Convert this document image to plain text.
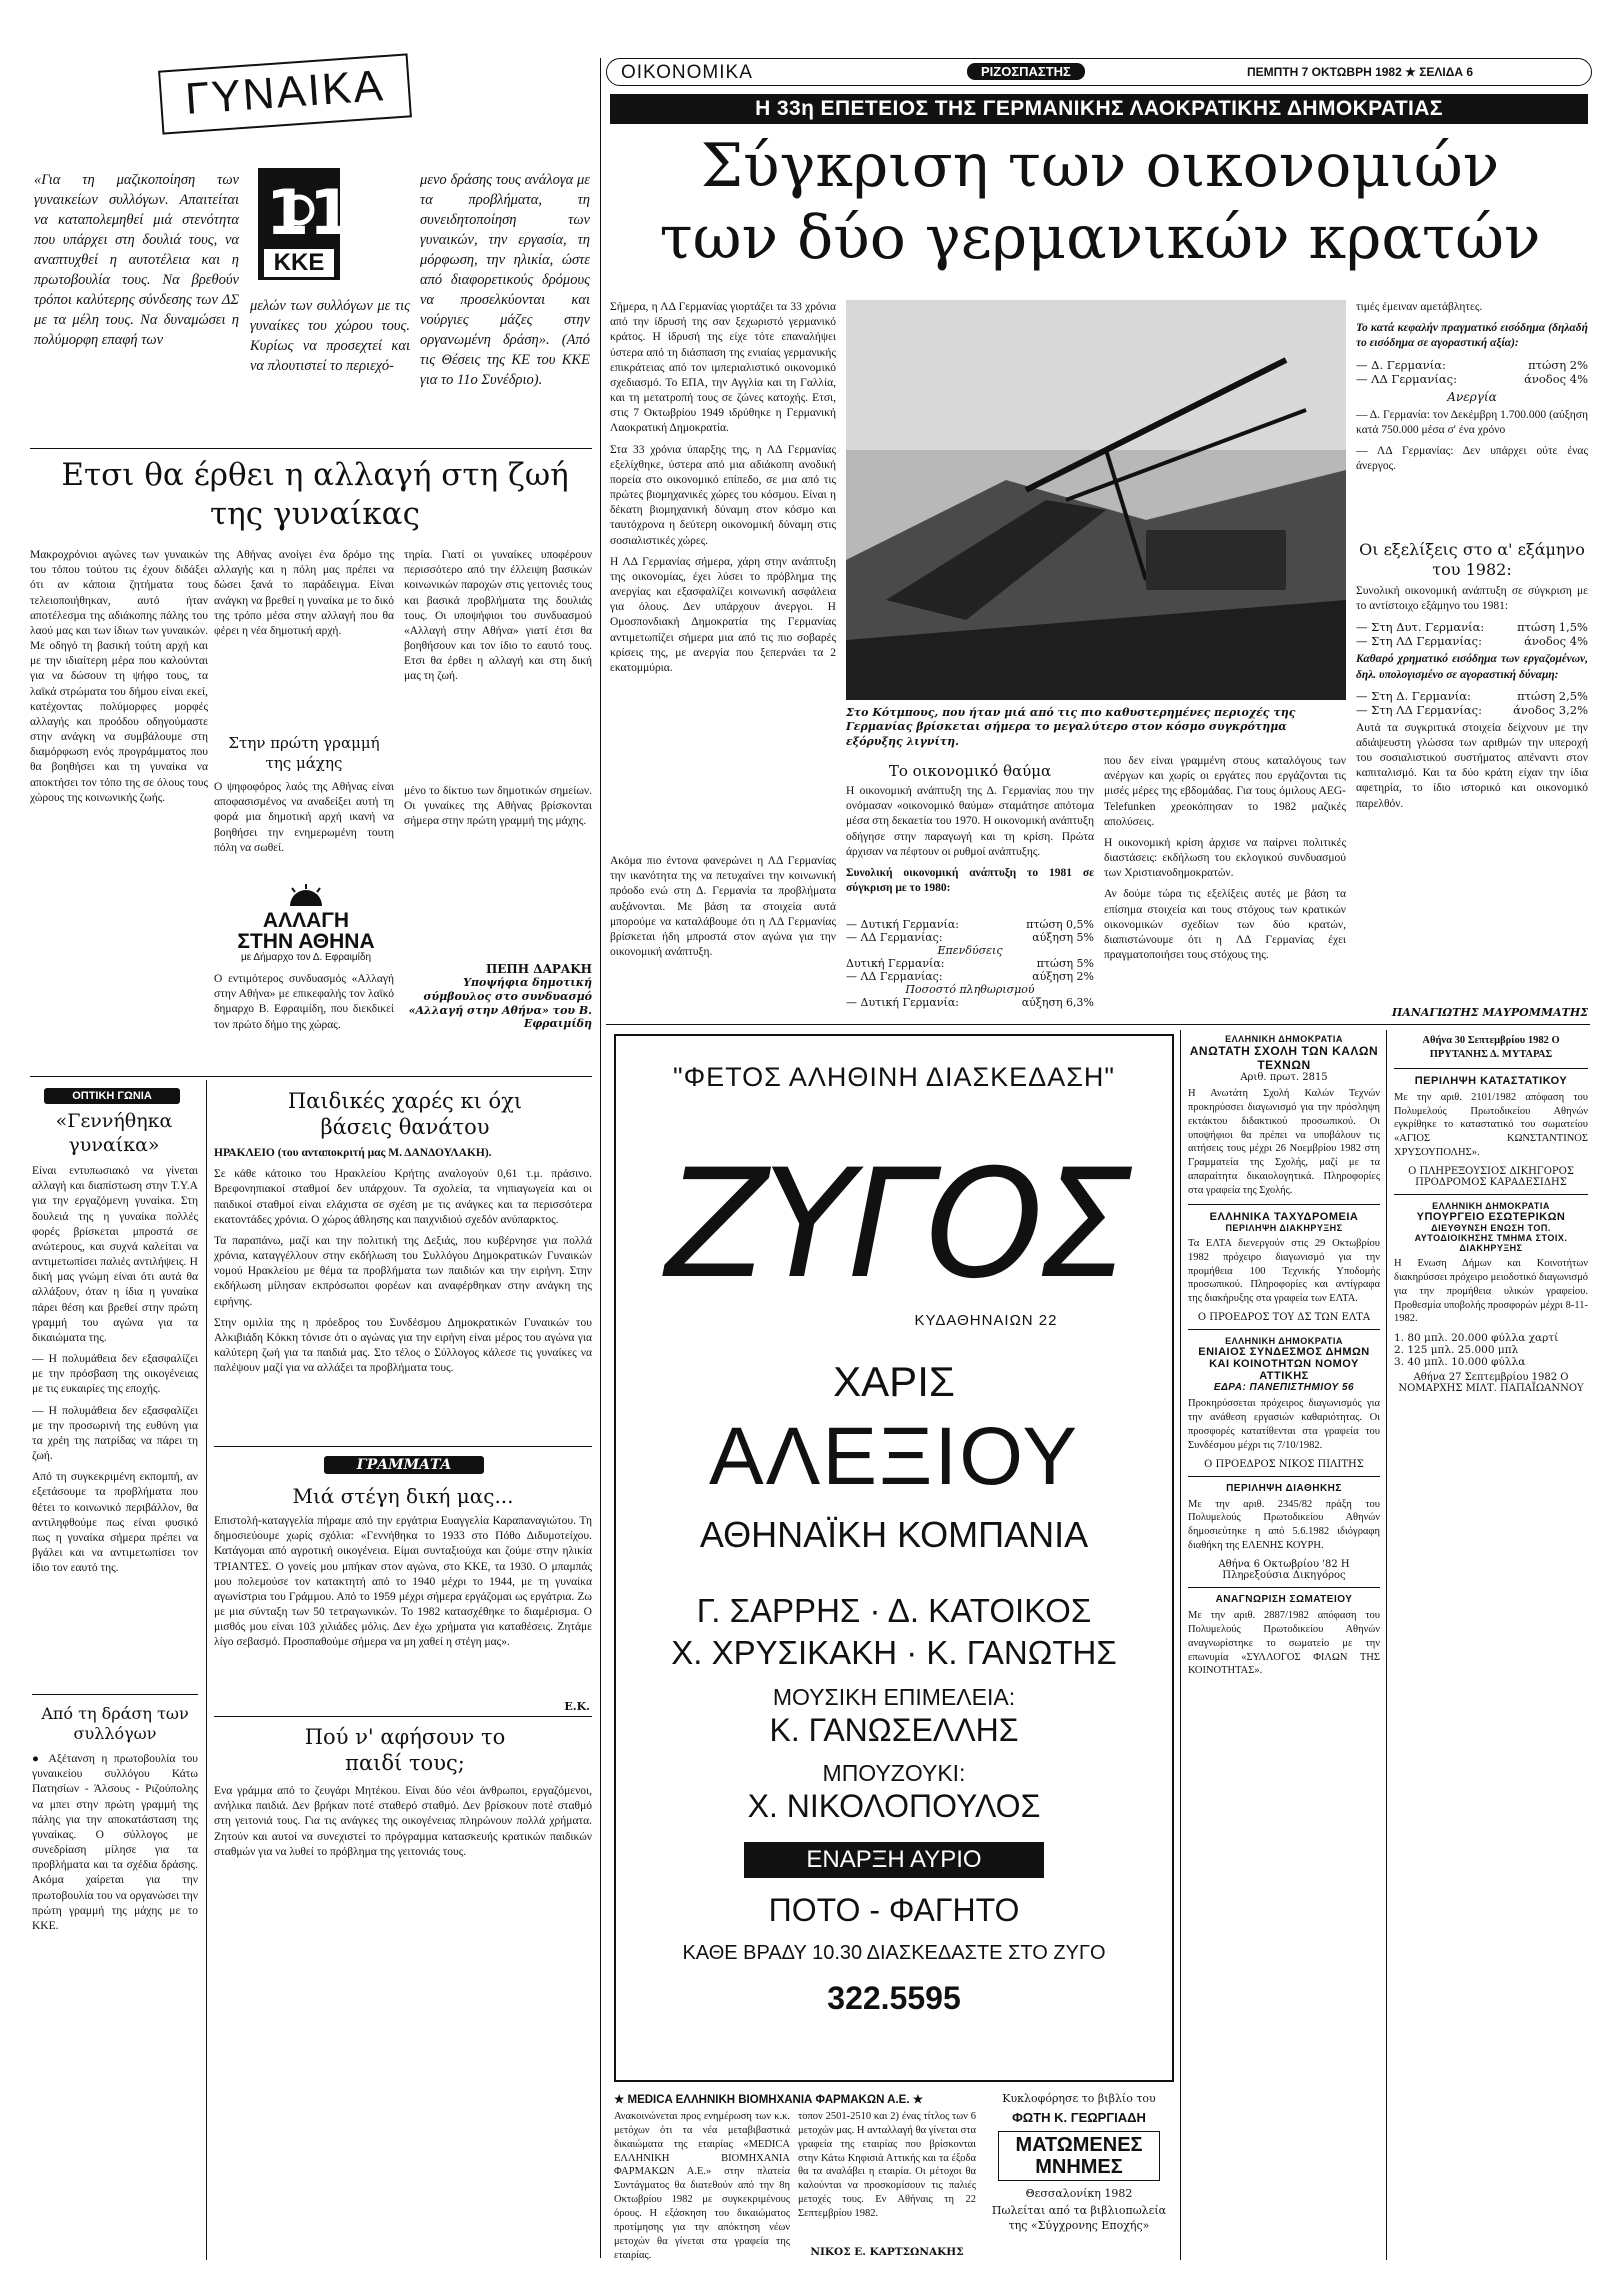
ΟΙΚΟΝΟΜΙΚΑ	ΡΙΖΟΣΠΑΣΤΗΣ	ΠΕΜΠΤΗ 7 ΟΚΤΩΒΡΗ 1982 ★ ΣΕΛΙΔΑ 6
ΓΥΝΑΙΚΑ

«Για τη μαζικοποίηση των γυναικείων συλλόγων. Απαιτείται να καταπολεμηθεί μιά στενότητα που υπάρχει στη δουλιά τους, να αναπτυχθεί η αυτοτέλεια και η πρωτοβουλία τους. Να βρεθούν τρόποι καλύτερης σύνδεσης των ΔΣ με τα μέλη τους. Να δυναμώσει η πολύμορφη επαφή των

11
ΚΚΕ

μελών των συλλόγων με τις γυναίκες του χώρου τους. Κυρίως να προσεχτεί και να πλουτιστεί το περιεχό-

μενο δράσης τους ανάλογα με τα προβλήματα, τη συνειδητοποίηση των γυναικών, την εργασία, τη μόρφωση, την ηλικία, ώστε από διαφορετικούς δρόμους να προσελκύονται και νούργιες μάζες στην οργανωμένη δράση». (Από τις Θέσεις της ΚΕ του ΚΚΕ για το 11ο Συνέδριο).

Ετσι θα έρθει η αλλαγή στη ζωή της γυναίκας

Μακροχρόνιοι αγώνες των γυναικών του τόπου τούτου τις έχουν διδάξει ότι αν κάποια ζητήματα τους τελειοποιήθηκαν, αυτό ήταν αποτέλεσμα της αδιάκοπης πάλης του λαού μας και των ίδιων των γυναικών. Με οδηγό τη βασική τούτη αρχή και με την ιδιαίτερη μέρα που καλούνται για να δώσουν τη ψήφο τους, τα λαϊκά στρώματα του δήμου είναι εκεί, κατέχοντας πολύμορφες μορφές αλλαγής και προόδου οδηγούμαστε στην ανάγκη να συμβάλουμε στη διαμόρφωση ενός προγράμματος που θα βοηθήσει και τη γυναίκα να αποκτήσει τον τόπο της σε όλους τους χώρους της κοινωνικής ζωής.

της Αθήνας ανοίγει ένα δρόμο της αλλαγής και η πόλη μας πρέπει να δώσει ξανά το παράδειγμα. Είναι ανάγκη να βρεθεί η γυναίκα με το δικό της τρόπο μέσα στην αλλαγή που θα φέρει η νέα δημοτική αρχή.

Στην πρώτη γραμμή της μάχης

Ο ψηφοφόρος λαός της Αθήνας είναι αποφασισμένος να αναδείξει αυτή τη φορά μια δημοτική αρχή ικανή να βοηθήσει την ενημερωμένη τουτη πόλη να σωθεί.

ΑΛΛΑΓΗ
ΣΤΗΝ ΑΘΗΝΑ
με Δήμαρχο τον Δ. Εφραιμίδη

Ο εντιμότερος συνδυασμός «Αλλαγή στην Αθήνα» με επικεφαλής τον λαϊκό δημαρχο Β. Εφραιμίδη, που διεκδικεί τον πρώτο δήμο της χώρας.

τηρία. Γιατί οι γυναίκες υποφέρουν περισσότερο από την έλλειψη βασικών κοινωνικών παροχών στις γειτονιές τους και βασικά προβλήματα της δουλιάς τους. Οι υποψήφιοι του συνδυασμού «Αλλαγή στην Αθήνα» γιατί έτσι θα βοηθήσουν και τον ίδιο το εαυτό τους. Ετσι θα έρθει η αλλαγή και στη δική μας τη ζωή.

μένο το δίκτυο των δημοτικών σημείων. Οι γυναίκες της Αθήνας βρίσκονται σήμερα στην πρώτη γραμμή της μάχης.

ΠΕΠΗ ΔΑΡΑΚΗ
Υποψήφια δημοτική σύμβουλος στο συνδυασμό «Αλλαγή στην Αθήνα» του Β. Εφραιμίδη
ΟΠΤΙΚΗ ΓΩΝΙΑ
«Γεννήθηκα γυναίκα»

Είναι εντυπωσιακό να γίνεται αλλαγή και διαπίστωση στην Τ.Υ.Α για την εργαζόμενη γυναίκα. Στη δουλειά της η γυναίκα πολλές φορές βρίσκεται μπροστά σε ανώτερους, και συχνά καλείται να αντιμετωπίσει παλιές αντιλήψεις. Η δική μας γνώμη είναι ότι αυτά θα αλλάξουν, όταν η ίδια η γυναίκα πάρει θέση και βρεθεί στην πρώτη γραμμή του αγώνα για τα δικαιώματα της.

— Η πολυμάθεια δεν εξασφαλίζει με την πρόσβαση της οικογένειας με τις ευκαιρίες της εποχής.

— Η πολυμάθεια δεν εξασφαλίζει με την προσωρινή της ευθύνη για τα χρέη της πατρίδας να πάρει τη ζωή.

Από τη συγκεκριμένη εκπομπή, αν εξετάσουμε τα προβλήματα που θέτει το κοινωνικό περιβάλλον, θα αντιληφθούμε πως είναι φυσικό πως η γυναίκα σήμερα πρέπει να βγάλει και να αντιμετωπίσει τον ίδιο τον εαυτό της.

Από τη δράση των συλλόγων

● Αξέτανση η πρωτοβουλία του γυναικείου συλλόγου Κάτω Πατησίων - Άλσους - Ριζούπολης να μπει στην πρώτη γραμμή της πάλης για την αποκατάσταση της γυναίκας. Ο σύλλογος με συνεδρίαση μίλησε για τα προβλήματα και τα σχέδια δράσης. Ακόμα χαίρεται για την πρωτοβουλία του να οργανώσει την πρώτη γραμμή της μάχης με το ΚΚΕ.

Παιδικές χαρές κι όχι βάσεις θανάτου

ΗΡΑΚΛΕΙΟ (του ανταποκριτή μας Μ. ΔΑΝΔΟΥΛΑΚΗ).

Σε κάθε κάτοικο του Ηρακλείου Κρήτης αναλογούν 0,61 τ.μ. πράσινο. Βρεφονηπιακοί σταθμοί δεν υπάρχουν. Τα σχολεία, τα νηπιαγωγεία και οι παιδικοί σταθμοί είναι ελάχιστα σε σχέση με τις ανάγκες και τα περισσότερα εκατοντάδες χρόνια. Ο χώρος άθλησης και παιχνιδιού σχεδόν ανύπαρκτος.

Τα παραπάνω, μαζί και την πολιτική της Δεξιάς, που κυβέρνησε για πολλά χρόνια, καταγγέλλουν στην εκδήλωση του Συλλόγου Δημοκρατικών Γυναικών νομού Ηρακλείου με θέμα τα προβλήματα των παιδιών και την ειρήνη. Στην εκδήλωση μίλησαν εκπρόσωποι φορέων και αναφέρθηκαν στην ανάγκη της ειρήνης.

Στην ομιλία της η πρόεδρος του Συνδέσμου Δημοκρατικών Γυναικών του Αλκιβιάδη Κόκκη τόνισε ότι ο αγώνας για την ειρήνη είναι μέρος του αγώνα για καλύτερη ζωή για τα παιδιά μας. Στο τέλος ο Σύλλογος κάλεσε τις γυναίκες να παλέψουν μαζί για να αλλάξει τα προβλήματα τους.

ΓΡΑΜΜΑΤΑ
Μιά στέγη δική μας...

Επιστολή-καταγγελία πήραμε από την εργάτρια Ευαγγελία Καραπαναγιώτου. Τη δημοσιεύουμε χωρίς σχόλια: «Γεννήθηκα το 1933 στο Πόθο Διδυμοτείχου. Κατάγομαι από αγροτική οικογένεια. Είμαι συνταξιούχα και ζούμε στην ηλικία ΤΡΙΑΝΤΕΣ. Ο γονείς μου μπήκαν στον αγώνα, στο ΚΚΕ, τα 1930. Ο μπαμπάς μου πολεμούσε τον κατακτητή από το 1940 μέχρι το 1944, με τη γυναίκα αγωνίστρια του Γράμμου. Από το 1959 μέχρι σήμερα εργάζομαι ως εργάτρια. Ζω με μια σύνταξη των 50 τετραγωνικών. Το 1982 κατασχέθηκε το διαμέρισμα. Ο μισθός μου είναι 103 χιλιάδες μόλις. Δεν έχω χρήματα για καταθέσεις. Ζητάμε λίγο σεβασμό. Προσπαθούμε σήμερα να μη χαθεί η στέγη μας».

Ε.Κ.
Πού ν' αφήσουν το παιδί τους;

Ενα γράμμα από το ζευγάρι Μητέκου. Είναι δύο νέοι άνθρωποι, εργαζόμενοι, ανήλικα παιδιά. Δεν βρήκαν ποτέ σταθερό σταθμό. Δεν βρίσκουν ποτέ σταθμό στη γειτονιά τους. Για τις ανάγκες της οικογένειας πληρώνουν πολλά χρήματα. Ζητούν και αυτοί να συνεχιστεί το πρόγραμμα κατασκευής κρατικών παιδικών σταθμών για να λυθεί το πρόβλημα της γειτονιάς τους.

Η 33η ΕΠΕΤΕΙΟΣ ΤΗΣ ΓΕΡΜΑΝΙΚΗΣ ΛΑΟΚΡΑΤΙΚΗΣ ΔΗΜΟΚΡΑΤΙΑΣ
Σύγκριση των οικονομιών των δύο γερμανικών κρατών

Σήμερα, η ΛΔ Γερμανίας γιορτάζει τα 33 χρόνια από την ίδρυσή της σαν ξεχωριστό γερμανικό κράτος. Η ίδρυσή της είχε τότε επαναλήψει ύστερα από τη διάσπαση της ενιαίας γερμανικής επικράτειας από τον ιμπεριαλιστικό οικονομικό σχεδιασμό. Το ΕΠΑ, την Αγγλία και τη Γαλλία, και τη μετατροπή τους σε ζώνες κατοχής. Ετσι, στις 7 Οκτωβρίου 1949 ιδρύθηκε η Γερμανική Λαοκρατική Δημοκρατία.

Στα 33 χρόνια ύπαρξης της, η ΛΔ Γερμανίας εξελίχθηκε, ύστερα από μια αδιάκοπη ανοδική πορεία στο οικονομικό επίπεδο, σε μια από τις πρώτες βιομηχανικές χώρες του κόσμου. Είναι η δέκατη βιομηχανική δύναμη στον κόσμο και ταυτόχρονα η δεύτερη οικονομική δύναμη στις σοσιαλιστικές χώρες.

Η ΛΔ Γερμανίας σήμερα, χάρη στην ανάπτυξη της οικονομίας, έχει λύσει το πρόβλημα της ανεργίας και εξασφαλίζει κοινωνική ασφάλεια για όλους. Δεν υπάρχουν άνεργοι. Η Ομοσπονδιακή Δημοκρατία της Γερμανίας αντιμετωπίζει σήμερα μια από τις πιο σοβαρές κρίσεις της, με ανεργία που ξεπερνάει τα 2 εκατομμύρια.

Στο Κότμπους, που ήταν μιά από τις πιο καθυστερημένες περιοχές της Γερμανίας βρίσκεται σήμερα το μεγαλύτερο στον κόσμο συγκρότημα εξόρυξης λιγνίτη.

τιμές έμειναν αμετάβλητες.

Το κατά κεφαλήν πραγματικό εισόδημα (δηλαδή το εισόδημα σε αγοραστική αξία):

— Δ. Γερμανία:	πτώση 2%
— ΛΔ Γερμανίας:	άνοδος 4%
Ανεργία

— Δ. Γερμανία: τον Δεκέμβρη 1.700.000 (αύξηση κατά 750.000 μέσα σ' ένα χρόνο

— ΛΔ Γερμανίας: Δεν υπάρχει ούτε ένας άνεργος.

Οι εξελίξεις στο α' εξάμηνο του 1982:

Συνολική οικονομική ανάπτυξη σε σύγκριση με το αντίστοιχο εξάμηνο του 1981:

— Στη Δυτ. Γερμανία:	πτώση 1,5%
— Στη ΛΔ Γερμανίας:	άνοδος 4%

Καθαρό χρηματικό εισόδημα των εργαζομένων, δηλ. υπολογισμένο σε αγοραστική δύναμη:

— Στη Δ. Γερμανία:	πτώση 2,5%
— Στη ΛΔ Γερμανίας:	άνοδος 3,2%

Αυτά τα συγκριτικά στοιχεία δείχνουν με την αδιάψευστη γλώσσα των αριθμών την υπεροχή του σοσιαλιστικού συστήματος απέναντι στον καπιταλισμό. Και τα δύο κράτη είχαν την ίδια αφετηρία, το ίδιο ιστορικό και οικονομικό παρελθόν.

Το οικονομικό θαύμα

Η οικονομική ανάπτυξη της Δ. Γερμανίας που την ονόμασαν «οικονομικό θαύμα» σταμάτησε απότομα μέσα στη δεκαετία του 1970. Η οικονομική ανάπτυξη οδήγησε στην παραγωγή και τη κρίση. Πρώτα άρχισαν να πέφτουν οι ρυθμοί ανάπτυξης.

Συνολική οικονομική ανάπτυξη το 1981 σε σύγκριση με το 1980:

— Δυτική Γερμανία:	πτώση 0,5%
— ΛΔ Γερμανίας:	αύξηση 5%
Επενδύσεις
Δυτική Γερμανία:	πτώση 5%
— ΛΔ Γερμανίας:	αύξηση 2%
Ποσοστό πληθωρισμού
— Δυτική Γερμανία:	αύξηση 6,3%

που δεν είναι γραμμένη στους καταλόγους των ανέργων και χωρίς οι εργάτες που εργάζονται τις μισές μέρες της εβδομάδας. Για τους όμιλους ΑEG-Telefunken χρεοκόπησαν το 1982 μαζικές απολύσεις.

Η οικονομική κρίση άρχισε να παίρνει πολιτικές διαστάσεις: εκδήλωση του εκλογικού συνδυασμού των Χριστιανοδημοκρατών.

Αν δούμε τώρα τις εξελίξεις αυτές με βάση τα επίσημα στοιχεία και τους στόχους των κρατικών οικονομικών σχεδίων των δύο κρατών, διαπιστώνουμε ότι η ΛΔ Γερμανίας έχει πραγματοποιήσει τους στόχους της.

Ακόμα πιο έντονα φανερώνει η ΛΔ Γερμανίας την ικανότητα της να πετυχαίνει την κοινωνική πρόοδο ενώ στη Δ. Γερμανία τα προβλήματα αυξάνονται. Με βάση τα στοιχεία αυτά μπορούμε να καταλάβουμε ότι η ΛΔ Γερμανίας βρίσκεται ήδη μπροστά στον αγώνα για την οικονομική ανάπτυξη.

ΠΑΝΑΓΙΩΤΗΣ ΜΑΥΡΟΜΜΑΤΗΣ
"ΦΕΤΟΣ ΑΛΗΘΙΝΗ ΔΙΑΣΚΕΔΑΣΗ"
ΖΥΓΟΣ
ΚΥΔΑΘΗΝΑΙΩΝ 22
ΧΑΡΙΣ
ΑΛΕΞΙΟΥ
ΑΘΗΝΑΪΚΗ ΚΟΜΠΑΝΙΑ
Γ. ΣΑΡΡΗΣ · Δ. ΚΑΤΟΙΚΟΣ
Χ. ΧΡΥΣΙΚΑΚΗ · Κ. ΓΑΝΩΤΗΣ
ΜΟΥΣΙΚΗ ΕΠΙΜΕΛΕΙΑ:
Κ. ΓΑΝΩΣΕΛΛΗΣ
ΜΠΟΥΖΟΥΚΙ:
Χ. ΝΙΚΟΛΟΠΟΥΛΟΣ
ΕΝΑΡΞΗ ΑΥΡΙΟ
ΠΟΤΟ - ΦΑΓΗΤΟ
ΚΑΘΕ ΒΡΑΔΥ 10.30 ΔΙΑΣΚΕΔΑΣΤΕ ΣΤΟ ΖΥΓΟ
322.5595
★ MEDICA ΕΛΛΗΝΙΚΗ ΒΙΟΜΗΧΑΝΙΑ ΦΑΡΜΑΚΩΝ Α.Ε. ★

Ανακοινώνεται προς ενημέρωση των κ.κ. μετόχων ότι τα νέα μεταβιβαστικά δικαιώματα της εταιρίας «MEDICA ΕΛΛΗΝΙΚΗ ΒΙΟΜΗΧΑΝΙΑ ΦΑΡΜΑΚΩΝ Α.Ε.» στην πλατεία Συντάγματος θα διατεθούν από την 8η Οκτωβρίου 1982 με συγκεκριμένους όρους. Η εξάσκηση του δικαιώματος προτίμησης για την απόκτηση νέων μετοχών θα γίνεται στα γραφεία της εταιρίας.

τοπον 2501-2510 και 2) ένας τίτλος των 6 μετοχών μας. Η ανταλλαγή θα γίνεται στα γραφεία της εταιρίας που βρίσκονται στην Κάτω Κηφισιά Αττικής και τα έξοδα θα τα αναλάβει η εταιρία. Οι μέτοχοι θα καλούνται να προσκομίσουν τις παλιές μετοχές τους. Εν Αθήναις τη 22 Σεπτεμβρίου 1982.

ΝΙΚΟΣ Ε. ΚΑΡΤΣΩΝΑΚΗΣ
Κυκλοφόρησε το βιβλίο του
ΦΩΤΗ Κ. ΓΕΩΡΓΙΑΔΗ
ΜΑΤΩΜΕΝΕΣ
ΜΝΗΜΕΣ
Θεσσαλονίκη 1982
Πωλείται από τα βιβλιοπωλεία της «Σύγχρονης Εποχής»
ΕΛΛΗΝΙΚΗ ΔΗΜΟΚΡΑΤΙΑ
ΑΝΩΤΑΤΗ ΣΧΟΛΗ ΤΩΝ ΚΑΛΩΝ ΤΕΧΝΩΝ
Αριθ. πρωτ. 2815

Η Ανωτάτη Σχολή Καλών Τεχνών προκηρύσσει διαγωνισμό για την πρόσληψη εκτάκτου διδακτικού προσωπικού. Οι υποψήφιοι θα πρέπει να υποβάλουν τις αιτήσεις τους μέχρι 26 Νοεμβρίου 1982 στη Γραμματεία της Σχολής, μαζί με τα απαραίτητα δικαιολογητικά. Πληροφορίες στα γραφεία της Σχολής.

ΕΛΛΗΝΙΚΑ ΤΑΧΥΔΡΟΜΕΙΑ
ΠΕΡΙΛΗΨΗ ΔΙΑΚΗΡΥΞΗΣ

Τα ΕΛΤΑ διενεργούν στις 29 Οκτωβρίου 1982 πρόχειρο διαγωνισμό για την προμήθεια 100 Τεχνικής Υποδομής προσωπικού. Πληροφορίες και αντίγραφα της διακήρυξης στα γραφεία των ΕΛΤΑ.

Ο ΠΡΟΕΔΡΟΣ ΤΟΥ ΔΣ ΤΩΝ ΕΛΤΑ
ΕΛΛΗΝΙΚΗ ΔΗΜΟΚΡΑΤΙΑ
ΕΝΙΑΙΟΣ ΣΥΝΔΕΣΜΟΣ ΔΗΜΩΝ ΚΑΙ ΚΟΙΝΟΤΗΤΩΝ ΝΟΜΟΥ ΑΤΤΙΚΗΣ
ΕΔΡΑ: ΠΑΝΕΠΙΣΤΗΜΙΟΥ 56

Προκηρύσσεται πρόχειρος διαγωνισμός για την ανάθεση εργασιών καθαριότητας. Οι προσφορές κατατίθενται στα γραφεία του Συνδέσμου μέχρι τις 7/10/1982.

Ο ΠΡΟΕΔΡΟΣ ΝΙΚΟΣ ΠΙΛΙΤΗΣ
ΠΕΡΙΛΗΨΗ ΔΙΑΘΗΚΗΣ

Με την αριθ. 2345/82 πράξη του Πολυμελούς Πρωτοδικείου Αθηνών δημοσιεύτηκε η από 5.6.1982 ιδιόγραφη διαθήκη της ΕΛΕΝΗΣ ΚΟΥΡΗ.

Αθήνα 6 Οκτωβρίου '82 Η Πληρεξούσια Δικηγόρος
ΑΝΑΓΝΩΡΙΣΗ ΣΩΜΑΤΕΙΟΥ

Με την αριθ. 2887/1982 απόφαση του Πολυμελούς Πρωτοδικείου Αθηνών αναγνωρίστηκε το σωματείο με την επωνυμία «ΣΥΛΛΟΓΟΣ ΦΙΛΩΝ ΤΗΣ ΚΟΙΝΟΤΗΤΑΣ».

Αθήνα 30 Σεπτεμβρίου 1982 Ο ΠΡΥΤΑΝΗΣ Δ. ΜΥΤΑΡΑΣ

ΠΕΡΙΛΗΨΗ ΚΑΤΑΣΤΑΤΙΚΟΥ

Με την αριθ. 2101/1982 απόφαση του Πολυμελούς Πρωτοδικείου Αθηνών εγκρίθηκε το καταστατικό του σωματείου «ΑΓΙΟΣ ΚΩΝΣΤΑΝΤΙΝΟΣ ΧΡΥΣΟΥΠΟΛΗΣ».

Ο ΠΛΗΡΕΞΟΥΣΙΟΣ ΔΙΚΗΓΟΡΟΣ ΠΡΟΔΡΟΜΟΣ ΚΑΡΑΔΕΣΙΔΗΣ
ΕΛΛΗΝΙΚΗ ΔΗΜΟΚΡΑΤΙΑ
ΥΠΟΥΡΓΕΙΟ ΕΣΩΤΕΡΙΚΩΝ
ΔΙΕΥΘΥΝΣΗ ΕΝΩΣΗ ΤΟΠ. ΑΥΤΟΔΙΟΙΚΗΣΗΣ ΤΜΗΜΑ ΣΤΟΙΧ. ΔΙΑΚΗΡΥΞΗΣ

Η Ενωση Δήμων και Κοινοτήτων διακηρύσσει πρόχειρο μειοδοτικό διαγωνισμό για την προμήθεια υλικών γραφείου. Προθεσμία υποβολής προσφορών μέχρι 8-11-1982.

1. 80 μπλ. 20.000 φύλλα χαρτί
2. 125 μπλ. 25.000 μπλ
3. 40 μπλ. 10.000 φύλλα
Αθήνα 27 Σεπτεμβρίου 1982 Ο ΝΟΜΑΡΧΗΣ ΜΙΛΤ. ΠΑΠΑΪΩΑΝΝΟΥ
